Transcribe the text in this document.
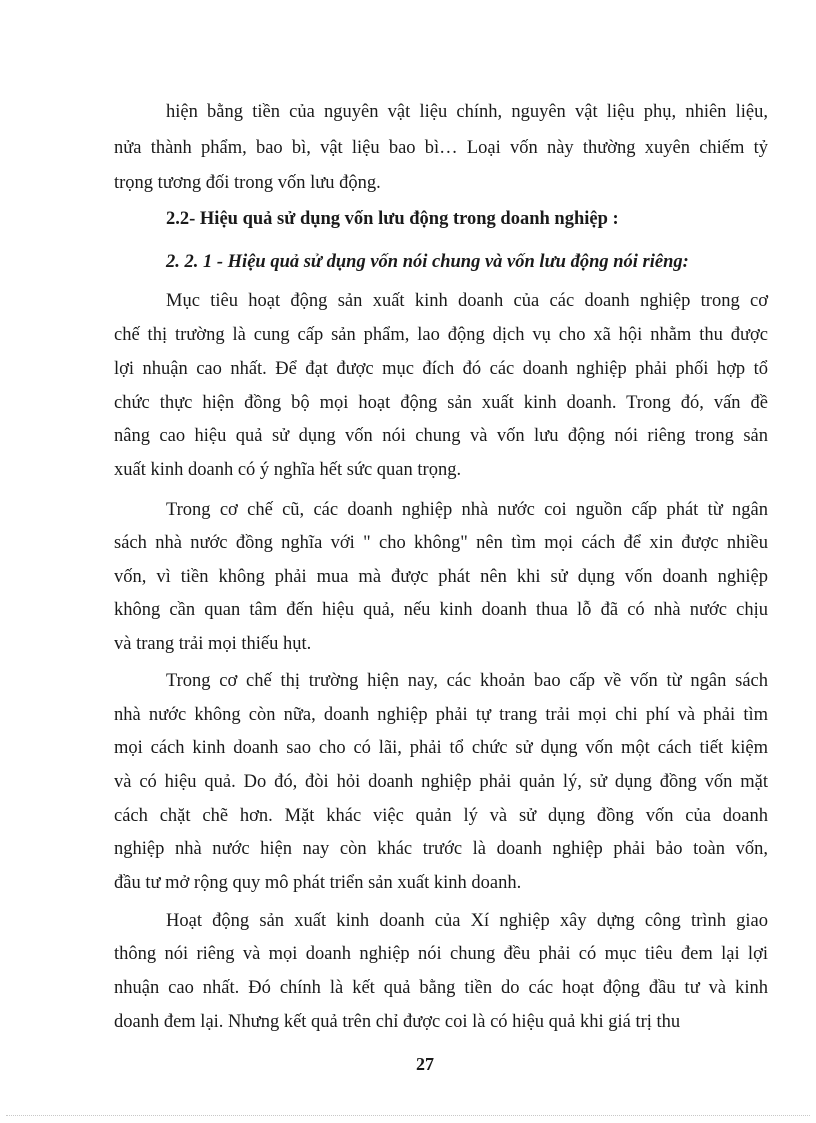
hiện bằng tiền của nguyên vật liệu chính, nguyên vật liệu phụ, nhiên liệu,
nửa thành phẩm, bao bì, vật liệu bao bì… Loại vốn này thường xuyên chiếm tỷ
trọng tương đối trong vốn lưu động.
2.2- Hiệu quả sử dụng vốn lưu động trong doanh nghiệp :
2. 2. 1 - Hiệu quả sử dụng vốn nói chung và vốn lưu động nói riêng:
Mục tiêu hoạt động sản xuất kinh doanh của các doanh nghiệp trong cơ
chế thị trường là cung cấp sản phẩm, lao động dịch vụ cho xã hội nhằm thu được
lợi nhuận cao nhất. Để đạt được mục đích đó các doanh nghiệp phải phối hợp tổ
chức thực hiện đồng bộ mọi hoạt động sản xuất kinh doanh. Trong đó, vấn đề
nâng cao hiệu quả sử dụng vốn nói chung và vốn lưu động nói riêng trong sản
xuất kinh doanh có ý nghĩa hết sức quan trọng.
Trong cơ chế cũ, các doanh nghiệp nhà nước coi nguồn cấp phát từ ngân
sách nhà nước đồng nghĩa với " cho không" nên tìm mọi cách để xin được nhiều
vốn, vì tiền không phải mua mà được phát nên khi sử dụng vốn doanh nghiệp
không cần quan tâm đến hiệu quả, nếu kinh doanh thua lỗ đã có nhà nước chịu
và trang trải mọi thiếu hụt.
Trong cơ chế thị trường hiện nay, các khoản bao cấp về vốn từ ngân sách
nhà nước không còn nữa, doanh nghiệp phải tự trang trải mọi chi phí và phải tìm
mọi cách kinh doanh sao cho có lãi, phải tổ chức sử dụng vốn một cách tiết kiệm
và có hiệu quả. Do đó, đòi hỏi doanh nghiệp phải quản lý, sử dụng đồng vốn mặt
cách chặt chẽ hơn. Mặt khác việc quản lý và sử dụng đồng vốn của doanh
nghiệp nhà nước hiện nay còn khác trước là doanh nghiệp phải bảo toàn vốn,
đầu tư mở rộng quy mô phát triển sản xuất kinh doanh.
Hoạt động sản xuất kinh doanh của Xí nghiệp xây dựng công trình giao
thông nói riêng và mọi doanh nghiệp nói chung đều phải có mục tiêu đem lại lợi
nhuận cao nhất. Đó chính là kết quả bằng tiền do các hoạt động đầu tư và kinh
doanh đem lại. Nhưng kết quả trên chỉ được coi là có hiệu quả khi giá trị thu
27
